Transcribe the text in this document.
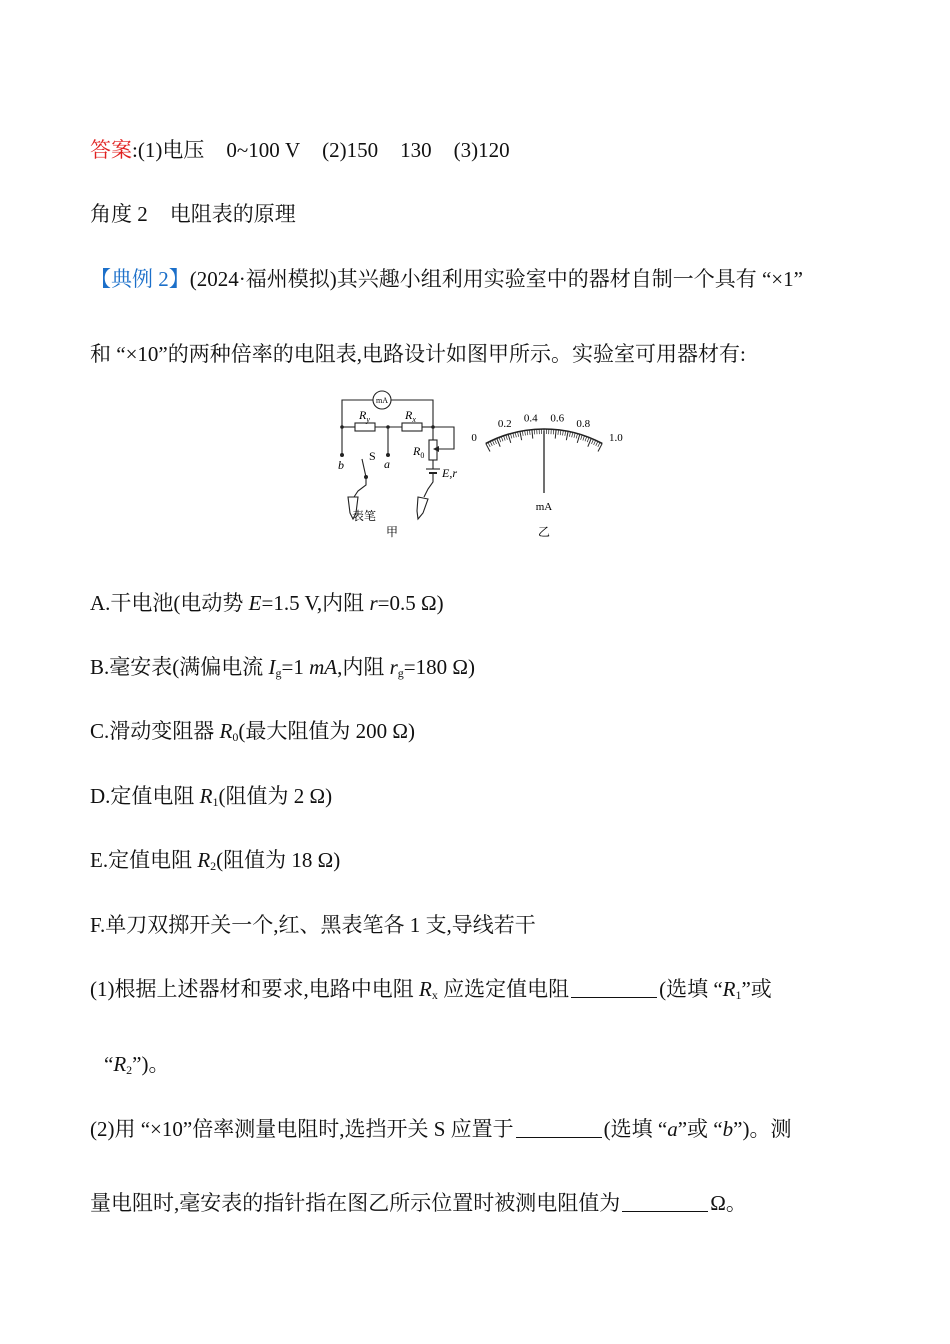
答案:(1)电压 0~100 V (2)150 130 (3)120
角度 2 电阻表的原理
【典例 2】(2024·福州模拟)其兴趣小组利用实验室中的器材自制一个具有 “×1”
和 “×10”的两种倍率的电阻表,电路设计如图甲所示。实验室可用器材有:
mA
$R_y$	$R_x$
$R_0$
E,r
S
a
b
表笔
甲
0
0.2 0.4 0.6 0.8
1.0
mA
乙
A.干电池(电动势 E=1.5 V,内阻 r=0.5 Ω)
B.毫安表(满偏电流 $I_g=1$ mA,内阻 $r_g=180$ Ω)
C.滑动变阻器 $R_0$(最大阻值为 200 Ω)
D.定值电阻 $R_1$(阻值为 2 Ω)
E.定值电阻 $R_2$(阻值为 18 Ω)
F.单刀双掷开关一个,红、黑表笔各 1 支,导线若干
(1)根据上述器材和要求,电路中电阻 $R_x$ 应选定值电阻	(选填 “$R_1$”或
“$R_2$”)。
(2)用 “×10”倍率测量电阻时,选挡开关 S 应置于	(选填 “a”或 “b”)。测
量电阻时,毫安表的指针指在图乙所示位置时被测电阻值为	Ω。
